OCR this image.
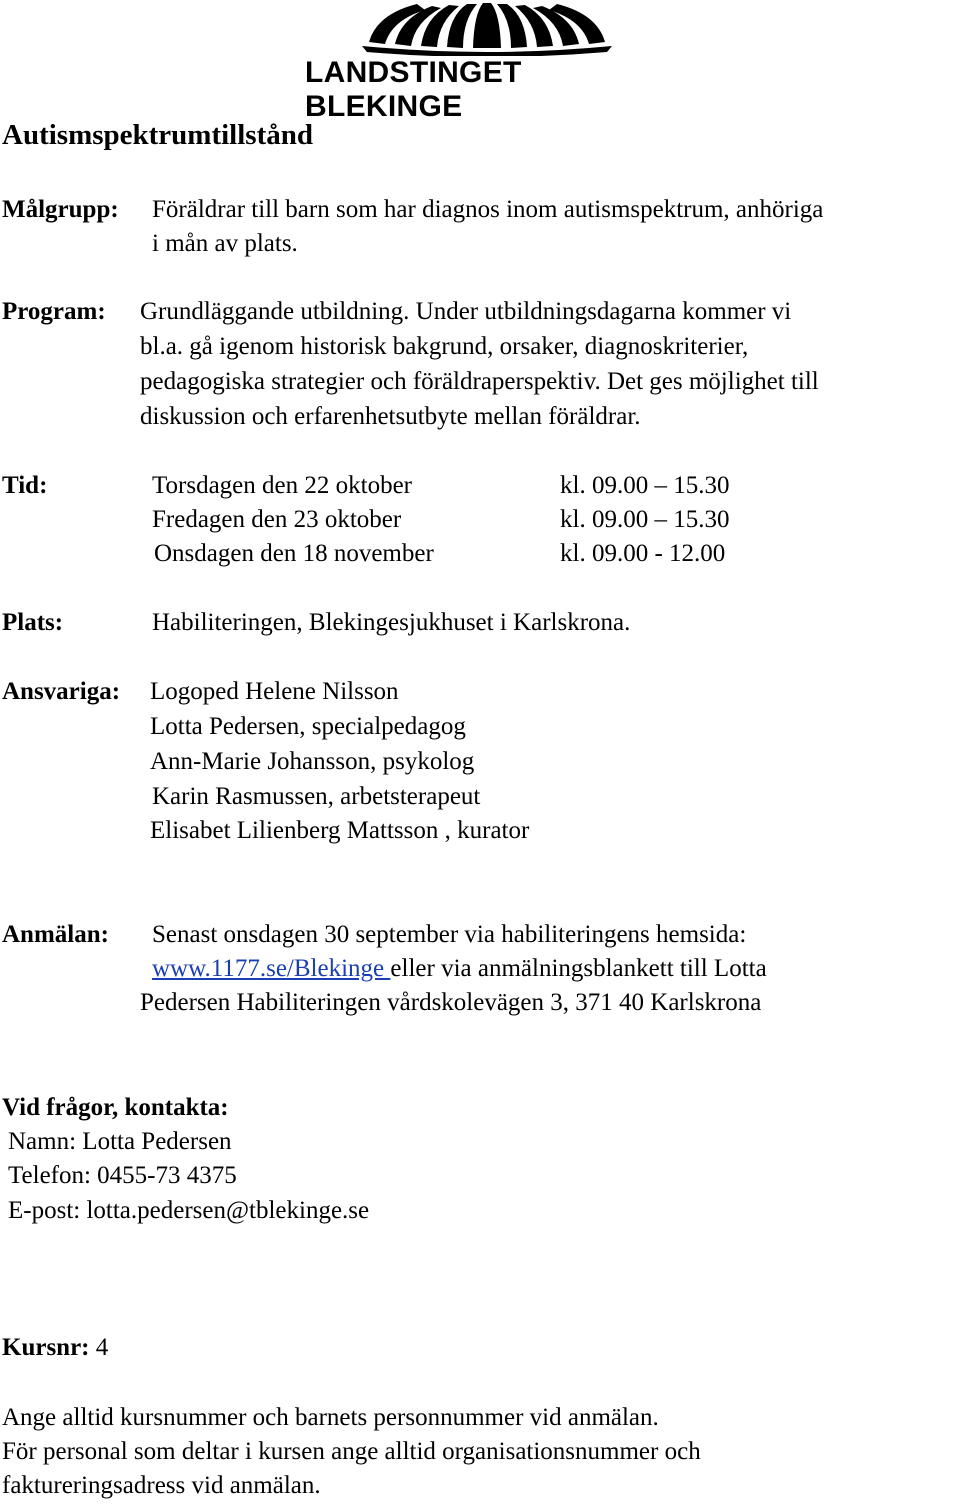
LANDSTINGET BLEKINGE
Autismspektrumtillstånd
Målgrupp: Föräldrar till barn som har diagnos inom autismspektrum, anhöriga
i mån av plats.
Program: Grundläggande utbildning. Under utbildningsdagarna kommer vi
bl.a. gå igenom historisk bakgrund, orsaker, diagnoskriterier,
pedagogiska strategier och föräldraperspektiv. Det ges möjlighet till
diskussion och erfarenhetsutbyte mellan föräldrar.
Tid:	Torsdagen den 22 oktober	kl. 09.00 – 15.30
Fredagen den 23 oktober	kl. 09.00 – 15.30
Onsdagen den 18 november	kl. 09.00 - 12.00
Plats:	Habiliteringen, Blekingesjukhuset i Karlskrona.
Ansvariga: Logoped Helene Nilsson
Lotta Pedersen, specialpedagog
Ann-Marie Johansson, psykolog
Karin Rasmussen, arbetsterapeut
Elisabet Lilienberg Mattsson , kurator
Anmälan: Senast onsdagen 30 september via habiliteringens hemsida:
www.1177.se/Blekinge eller via anmälningsblankett till Lotta
Pedersen Habiliteringen vårdskolevägen 3, 371 40 Karlskrona
Vid frågor, kontakta:
Namn: Lotta Pedersen
Telefon: 0455-73 4375
E-post: lotta.pedersen@tblekinge.se
Kursnr: 4
Ange alltid kursnummer och barnets personnummer vid anmälan.
För personal som deltar i kursen ange alltid organisationsnummer och
faktureringsadress vid anmälan.
